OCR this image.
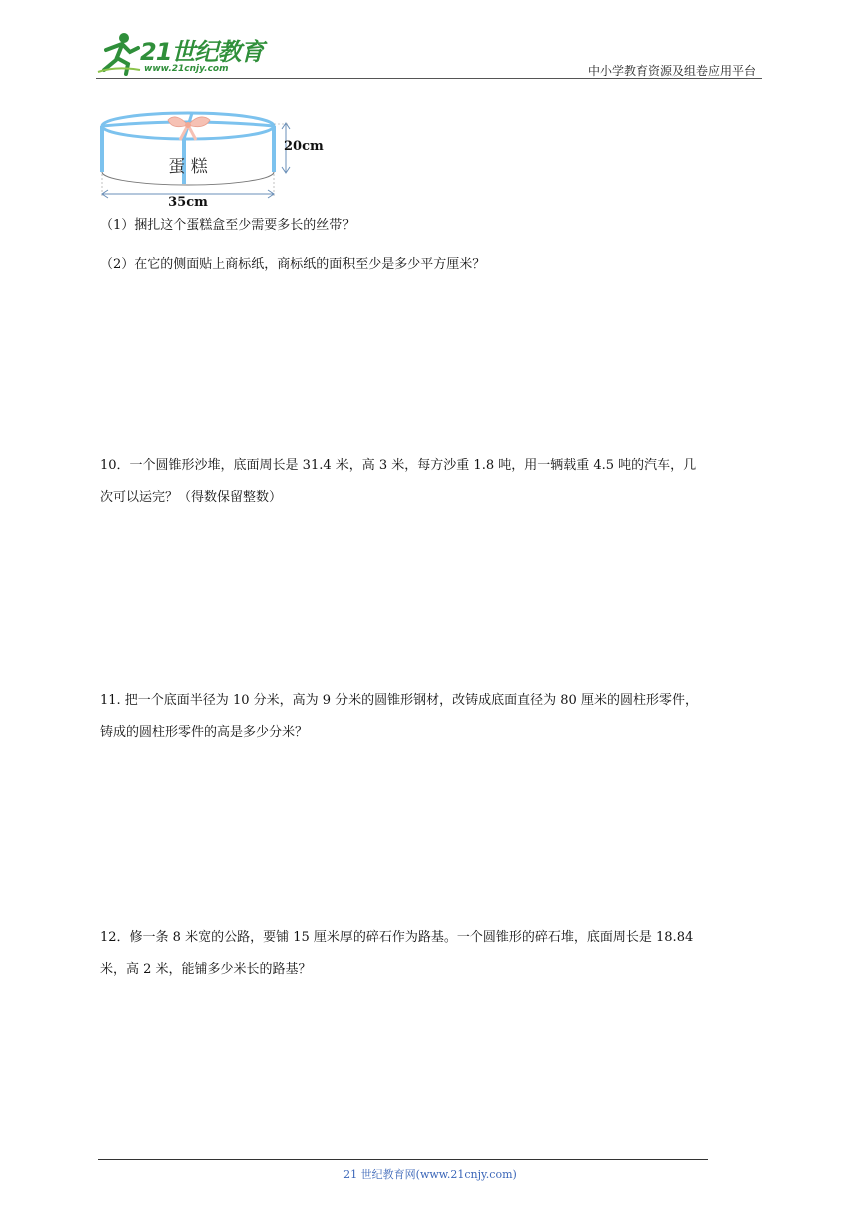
21世纪教育
www.21cnjy.com	中小学教育资源及组卷应用平台
蛋 糕
20cm
35cm
（1）捆扎这个蛋糕盒至少需要多长的丝带？
（2）在它的侧面贴上商标纸，商标纸的面积至少是多少平方厘米？
10．一个圆锥形沙堆，底面周长是 31.4 米，高 3 米，每方沙重 1.8 吨，用一辆载重 4.5 吨的汽车，几
次可以运完？（得数保留整数）
11. 把一个底面半径为 10 分米，高为 9 分米的圆锥形钢材，改铸成底面直径为 80 厘米的圆柱形零件，
铸成的圆柱形零件的高是多少分米？
12．修一条 8 米宽的公路，要铺 15 厘米厚的碎石作为路基。一个圆锥形的碎石堆，底面周长是 18.84
米，高 2 米，能铺多少米长的路基？
21 世纪教育网(www.21cnjy.com)
